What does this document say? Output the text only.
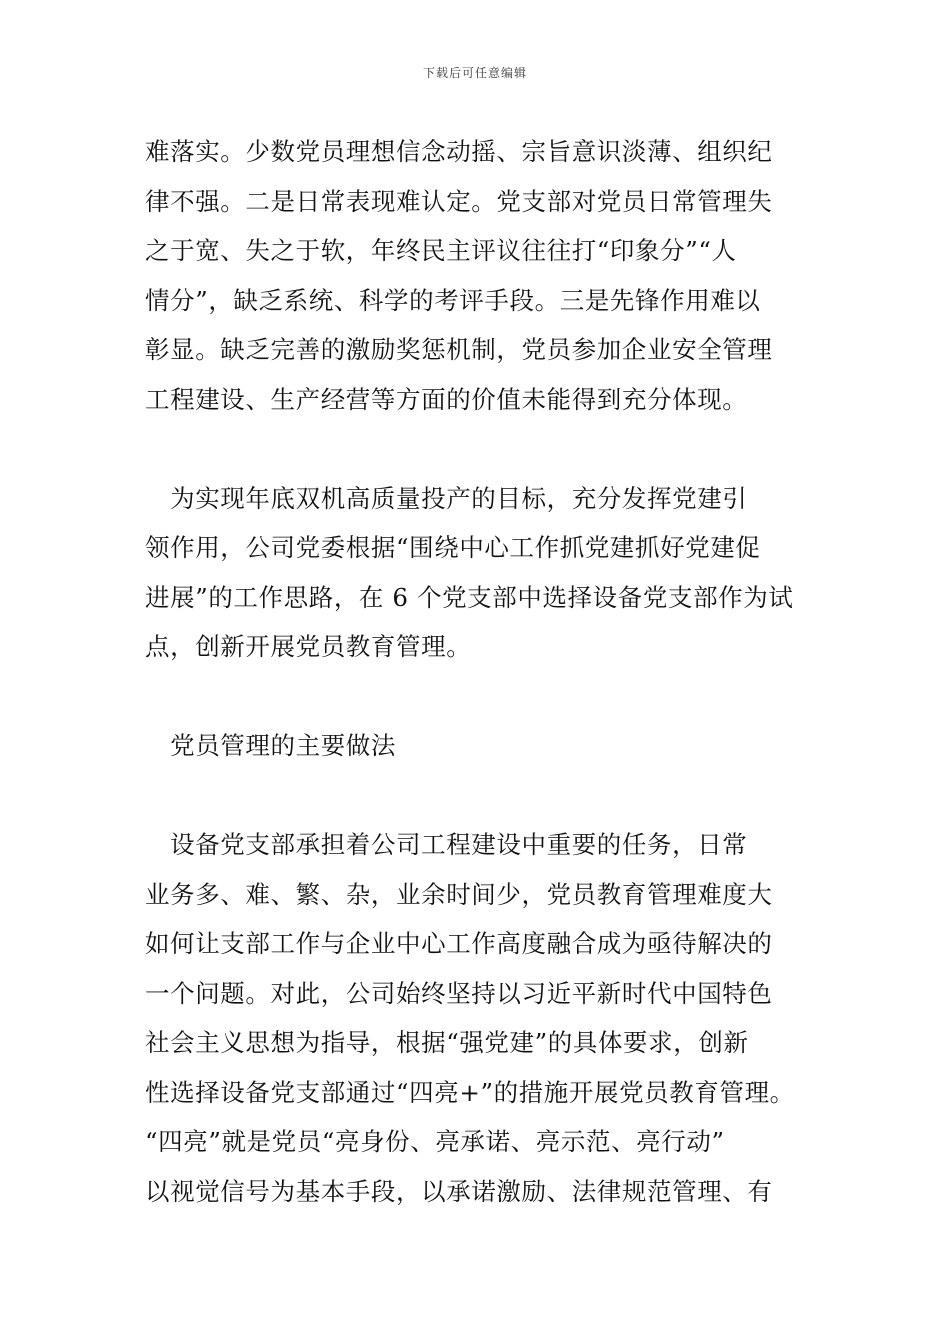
下载后可任意编辑

难落实。少数党员理想信念动摇、宗旨意识淡薄、组织纪
律不强。二是日常表现难认定。党支部对党员日常管理失
之于宽、失之于软，年终民主评议往往打“印象分”“人
情分”，缺乏系统、科学的考评手段。三是先锋作用难以
彰显。缺乏完善的激励奖惩机制，党员参加企业安全管理
工程建设、生产经营等方面的价值未能得到充分体现。

　为实现年底双机高质量投产的目标，充分发挥党建引
领作用，公司党委根据“围绕中心工作抓党建抓好党建促
进展”的工作思路，在 6 个党支部中选择设备党支部作为试
点，创新开展党员教育管理。

　党员管理的主要做法

　设备党支部承担着公司工程建设中重要的任务，日常
业务多、难、繁、杂，业余时间少，党员教育管理难度大
如何让支部工作与企业中心工作高度融合成为亟待解决的
一个问题。对此，公司始终坚持以习近平新时代中国特色
社会主义思想为指导，根据“强党建”的具体要求，创新
性选择设备党支部通过“四亮+”的措施开展党员教育管理。
“四亮”就是党员“亮身份、亮承诺、亮示范、亮行动”
以视觉信号为基本手段，以承诺激励、法律规范管理、有
